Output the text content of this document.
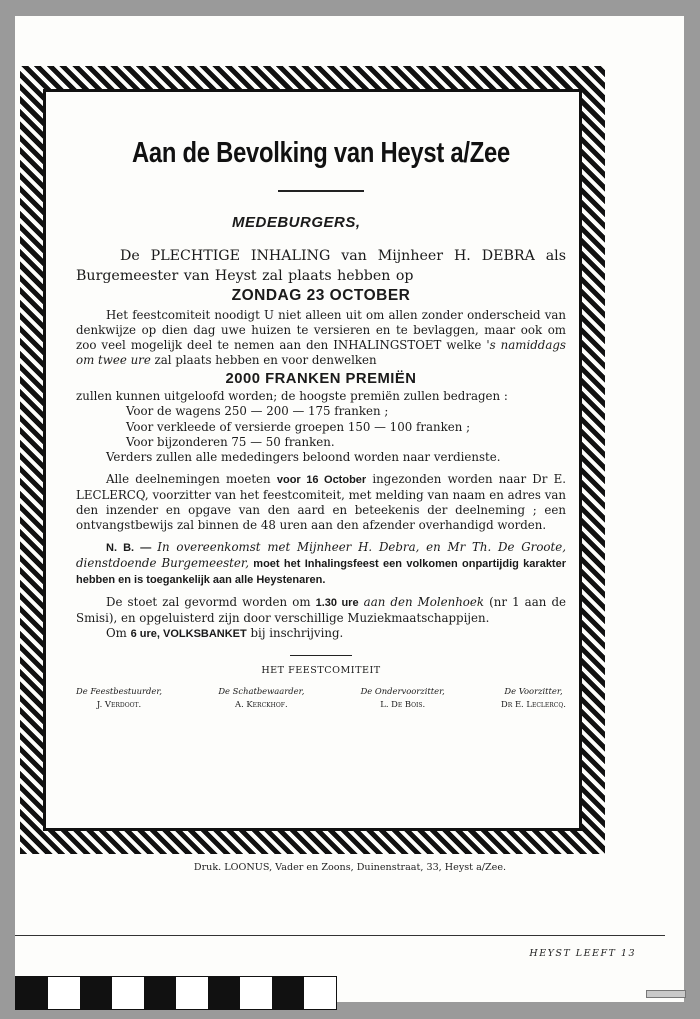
Aan de Bevolking van Heyst a/Zee

MEDEBURGERS,

De PLECHTIGE INHALING van Mijnheer H. DEBRA als Burgemeester van Heyst zal plaats hebben op

ZONDAG 23 OCTOBER

Het feestcomiteit noodigt U niet alleen uit om allen zonder onderscheid van denkwijze op dien dag uwe huizen te versieren en te bevlaggen, maar ook om zoo veel mogelijk deel te nemen aan den INHALINGSTOET welke 's namiddags om twee ure zal plaats hebben en voor denwelken

2000 FRANKEN PREMIËN

zullen kunnen uitgeloofd worden; de hoogste premiën zullen bedragen :

Voor de wagens 250 — 200 — 175 franken ;

Voor verkleede of versierde groepen 150 — 100 franken ;

Voor bijzonderen 75 — 50 franken.

Verders zullen alle mededingers beloond worden naar verdienste.

Alle deelnemingen moeten voor 16 October ingezonden worden naar Dr E. LECLERCQ, voorzitter van het feestcomiteit, met melding van naam en adres van den inzender en opgave van den aard en beteekenis der deelneming ; een ontvangstbewijs zal binnen de 48 uren aan den afzender overhandigd worden.

N. B. — In overeenkomst met Mijnheer H. Debra, en Mr Th. De Groote, dienstdoende Burgemeester, moet het Inhalingsfeest een volkomen onpartijdig karakter hebben en is toegankelijk aan alle Heystenaren.

De stoet zal gevormd worden om 1.30 ure aan den Molenhoek (nr 1 aan de Smisi), en opgeluisterd zijn door verschillige Muziekmaatschappijen.

Om 6 ure, VOLKSBANKET bij inschrijving.

HET FEESTCOMITEIT

De Feestbestuurder,
J. Verdoot.
De Schatbewaarder,
A. Kerckhof.
De Ondervoorzitter,
L. De Bois.
De Voorzitter,
Dr E. Leclercq.

Druk. LOONUS, Vader en Zoons, Duinenstraat, 33, Heyst a/Zee.

HEYST LEEFT 13
